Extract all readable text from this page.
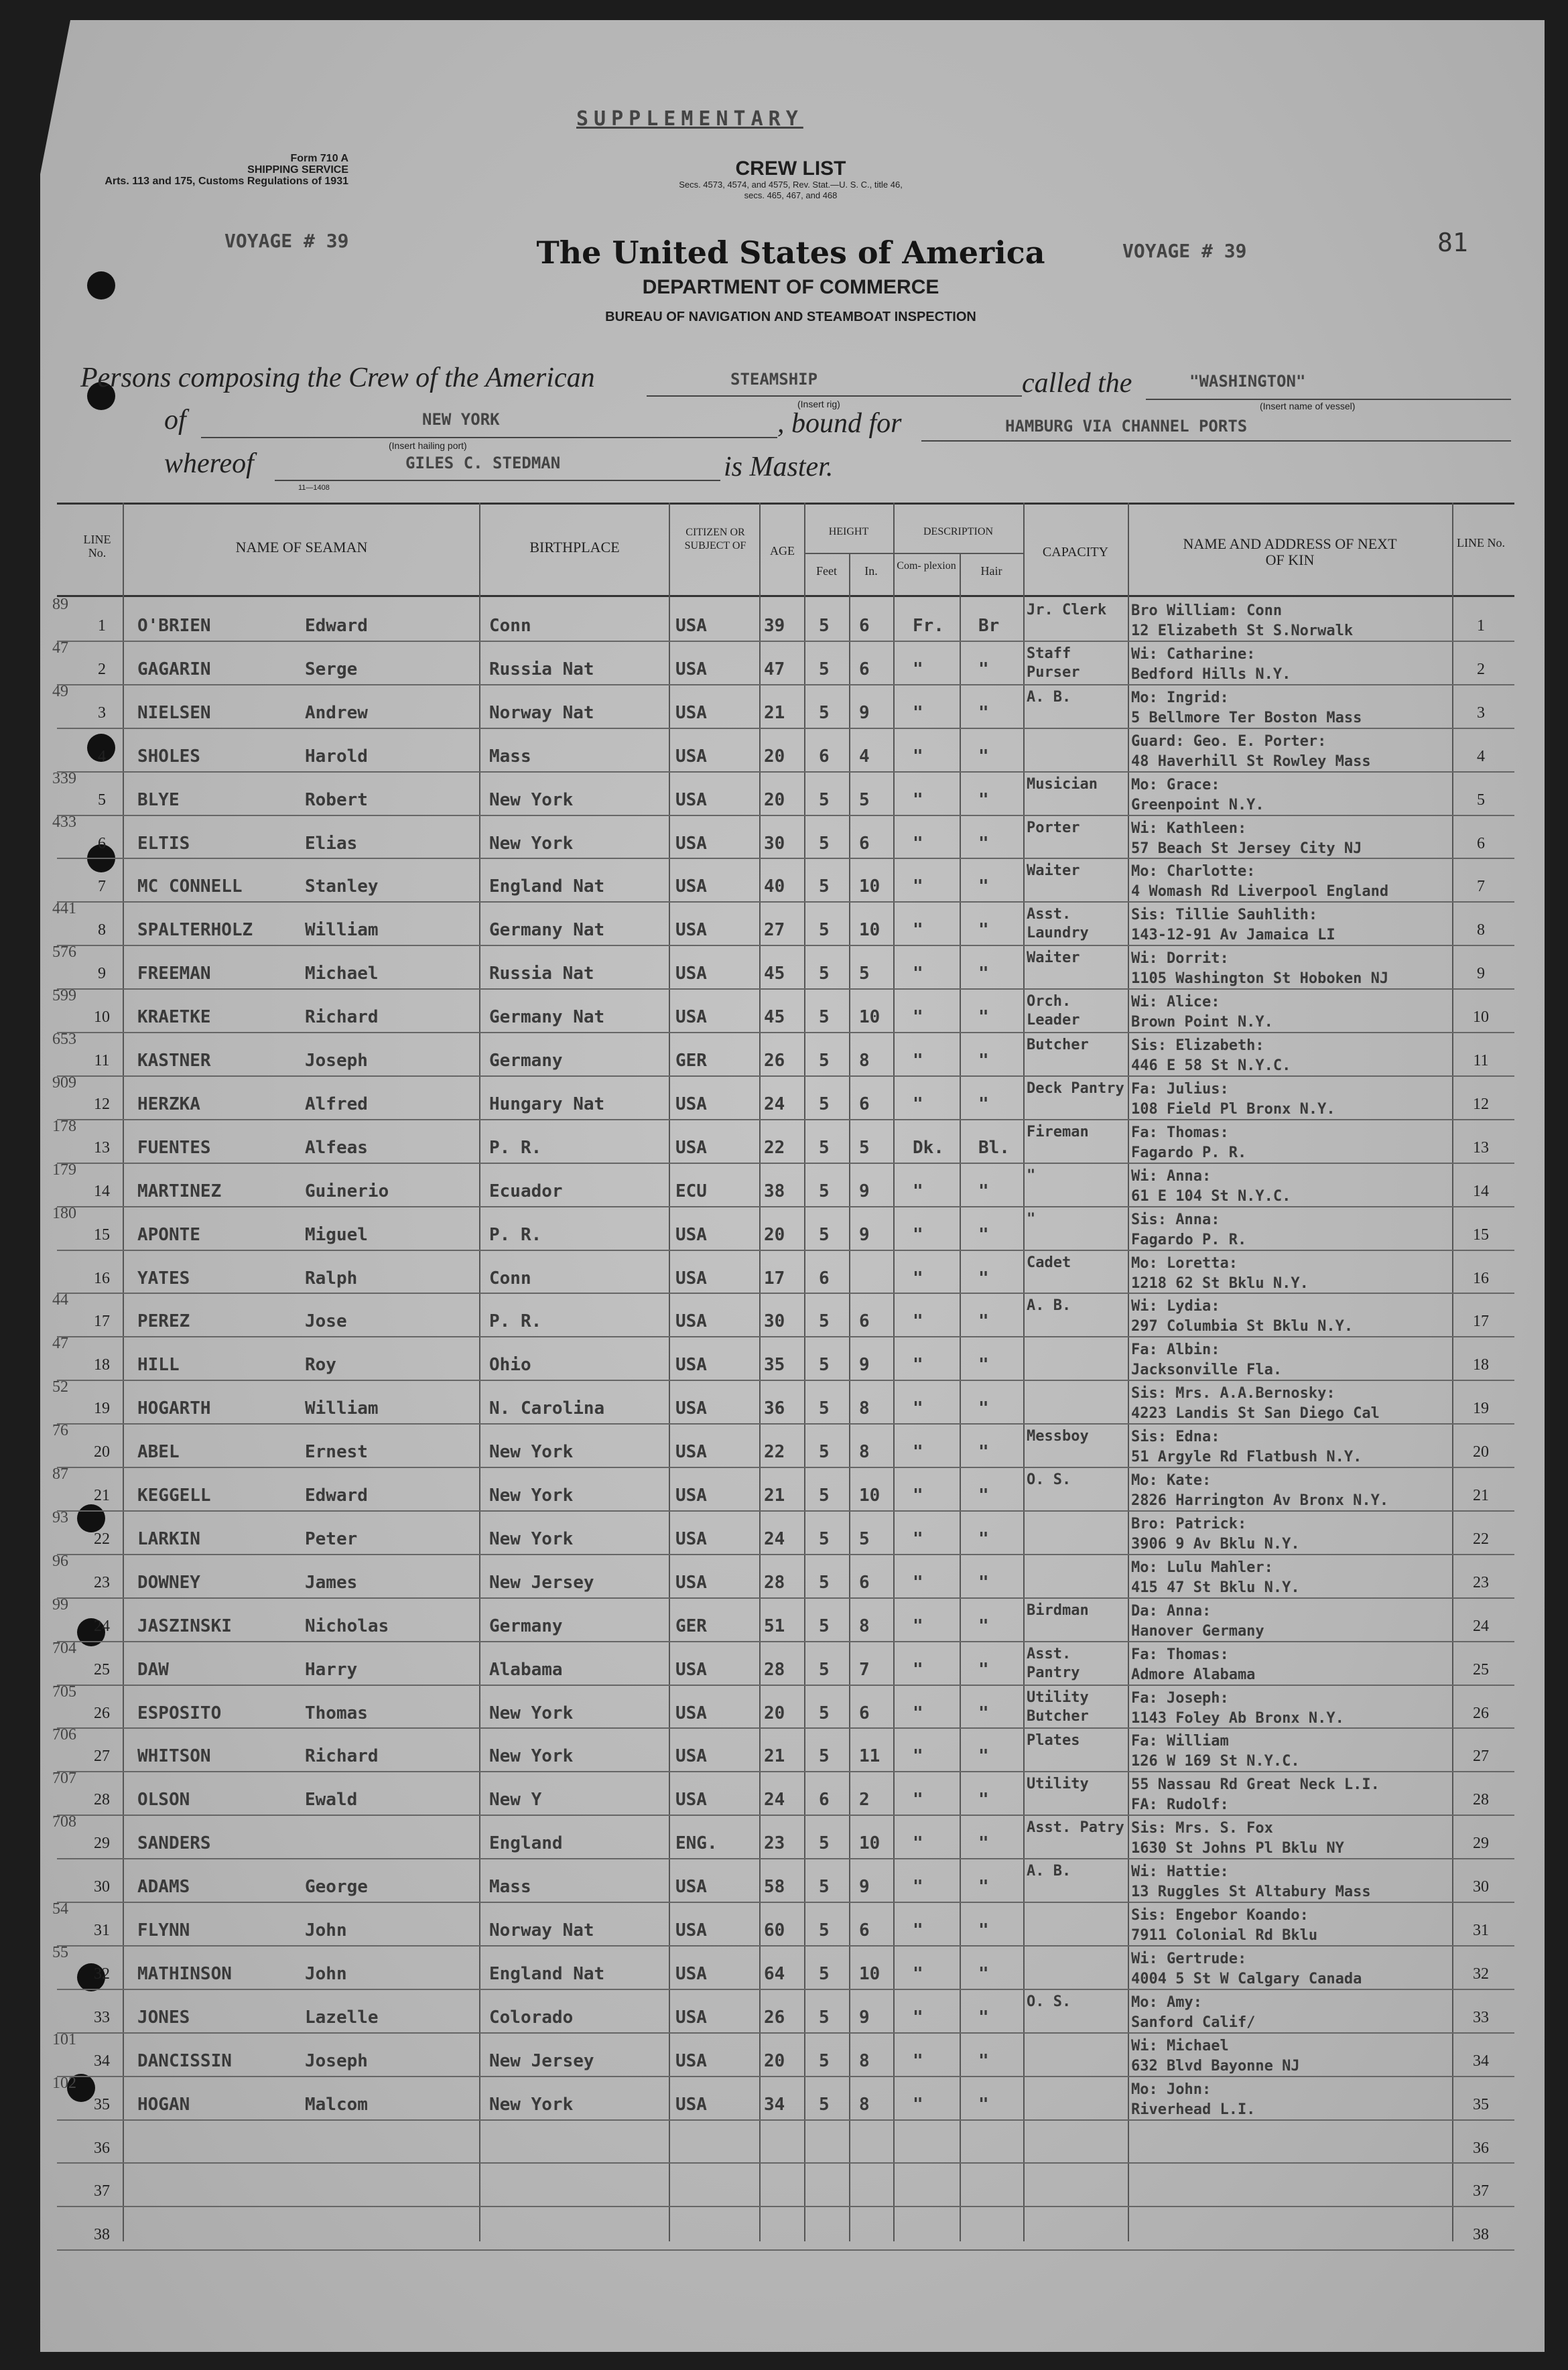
SUPPLEMENTARY
Form 710 A
SHIPPING SERVICE
Arts. 113 and 175, Customs Regulations of 1931
CREW LIST
Secs. 4573, 4574, and 4575, Rev. Stat.—U. S. C., title 46,
secs. 465, 467, and 468
VOYAGE # 39	VOYAGE # 39	81
The United States of America
DEPARTMENT OF COMMERCE
BUREAU OF NAVIGATION AND STEAMBOAT INSPECTION
Persons composing the Crew of the American	STEAMSHIP
(Insert rig)
called the	"WASHINGTON"
(Insert name of vessel)
of	NEW YORK
(Insert hailing port)
, bound for	HAMBURG VIA CHANNEL PORTS
whereof	GILES C. STEDMAN
11—1408
is Master.
LINE No.	NAME OF SEAMAN	BIRTHPLACE
CITIZEN OR SUBJECT OF	AGE
HEIGHT
Feet	In.
DESCRIPTION
Com- plexion	Hair
CAPACITY	NAME AND ADDRESS OF NEXT OF KIN
LINE No.
1	O'BRIEN	Edward	Conn	USA	39 5 6 Fr. Br	1
89	Jr. Clerk	Bro William: Conn
12 Elizabeth St S.Norwalk
2	GAGARIN	Serge	Russia Nat	USA	47 5 6 "	"	2
47	Staff Purser
Wi: Catharine:
Bedford Hills N.Y.
3	NIELSEN	Andrew	Norway Nat	USA	21 5 9 "	"	3
49	A. B.	Mo: Ingrid:
5 Bellmore Ter Boston Mass
4	SHOLES	Harold	Mass	USA	20 6 4 "	"	4
Guard: Geo. E. Porter:
48 Haverhill St Rowley Mass
5	BLYE	Robert	New York	USA	20 5 5 "	"	5
339	Musician	Mo: Grace:
Greenpoint N.Y.
6	ELTIS	Elias	New York	USA	30 5 6 "	"	6
433	Porter	Wi: Kathleen:
57 Beach St Jersey City NJ
7	MC CONNELL	Stanley	England Nat	USA	40 5 10 "	"	7
Waiter	Mo: Charlotte:
4 Womash Rd Liverpool England
8	SPALTERHOLZ	William	Germany Nat	USA	27 5 10 "	"	8
441	Asst. Laundry
Sis: Tillie Sauhlith:
143-12-91 Av Jamaica LI
9	FREEMAN	Michael	Russia Nat	USA	45 5 5 "	"	9
576	Waiter	Wi: Dorrit:
1105 Washington St Hoboken NJ
10	KRAETKE	Richard	Germany Nat	USA	45 5 10 "	"	10
599	Orch. Leader
Wi: Alice:
Brown Point N.Y.
11	KASTNER	Joseph	Germany	GER	26 5 8 "	"	11
653	Butcher	Sis: Elizabeth:
446 E 58 St N.Y.C.
12	HERZKA	Alfred	Hungary Nat	USA	24 5 6 "	"	12
909	Deck Pantry Fa: Julius:
108 Field Pl Bronx N.Y.
13	FUENTES	Alfeas	P. R.	USA	22 5 5 Dk. Bl.	13
178	Fireman	Fa: Thomas:
Fagardo P. R.
14	MARTINEZ	Guinerio	Ecuador	ECU	38 5 9 "	"	14
179	"	Wi: Anna:
61 E 104 St N.Y.C.
15	APONTE	Miguel	P. R.	USA	20 5 9 "	"	15
180	"	Sis: Anna:
Fagardo P. R.
16	YATES	Ralph	Conn	USA	17 6	"	"	16
Cadet	Mo: Loretta:
1218 62 St Bklu N.Y.
17	PEREZ	Jose	P. R.	USA	30 5 6 "	"	17
44	A. B.	Wi: Lydia:
297 Columbia St Bklu N.Y.
18	HILL	Roy	Ohio	USA	35 5 9 "	"	18
47	Fa: Albin:
Jacksonville Fla.
19	HOGARTH	William	N. Carolina	USA	36 5 8 "	"	19
52	Sis: Mrs. A.A.Bernosky:
4223 Landis St San Diego Cal
20	ABEL	Ernest	New York	USA	22 5 8 "	"	20
76	Messboy	Sis: Edna:
51 Argyle Rd Flatbush N.Y.
21	KEGGELL	Edward	New York	USA	21 5 10 "	"	21
87	O. S.	Mo: Kate:
2826 Harrington Av Bronx N.Y.
22	LARKIN	Peter	New York	USA	24 5 5 "	"	22
93	Bro: Patrick:
3906 9 Av Bklu N.Y.
23	DOWNEY	James	New Jersey	USA	28 5 6 "	"	23
96	Mo: Lulu Mahler:
415 47 St Bklu N.Y.
24	JASZINSKI	Nicholas	Germany	GER	51 5 8 "	"	24
99	Birdman	Da: Anna:
Hanover Germany
25	DAW	Harry	Alabama	USA	28 5 7 "	"	25
704	Asst. Pantry
Fa: Thomas:
Admore Alabama
26	ESPOSITO	Thomas	New York	USA	20 5 6 "	"	26
705	Utility Butcher
Fa: Joseph:
1143 Foley Ab Bronx N.Y.
27	WHITSON	Richard	New York	USA	21 5 11 "	"	27
706	Plates	Fa: William
126 W 169 St N.Y.C.
28	OLSON	Ewald	New Y	USA	24 6 2 "	"	28
707	Utility	55 Nassau Rd Great Neck L.I.
FA: Rudolf:
29	SANDERS	England	ENG.	23 5 10 "	"	29
708	Asst. Patry Sis: Mrs. S. Fox
1630 St Johns Pl Bklu NY
30	ADAMS	George	Mass	USA	58 5 9 "	"	30
A. B.	Wi: Hattie:
13 Ruggles St Altabury Mass
31	FLYNN	John	Norway Nat	USA	60 5 6 "	"	31
54	Sis: Engebor Koando:
7911 Colonial Rd Bklu
32	MATHINSON	John	England Nat	USA	64 5 10 "	"	32
55	Wi: Gertrude:
4004 5 St W Calgary Canada
33	JONES	Lazelle	Colorado	USA	26 5 9 "	"	33
O. S.	Mo: Amy:
Sanford Calif/
34	DANCISSIN	Joseph	New Jersey	USA	20 5 8 "	"	34
101	Wi: Michael
632 Blvd Bayonne NJ
35	HOGAN	Malcom	New York	USA	34 5 8 "	"	35
102	Mo: John:
Riverhead L.I.
36	36
37	37
38	38
